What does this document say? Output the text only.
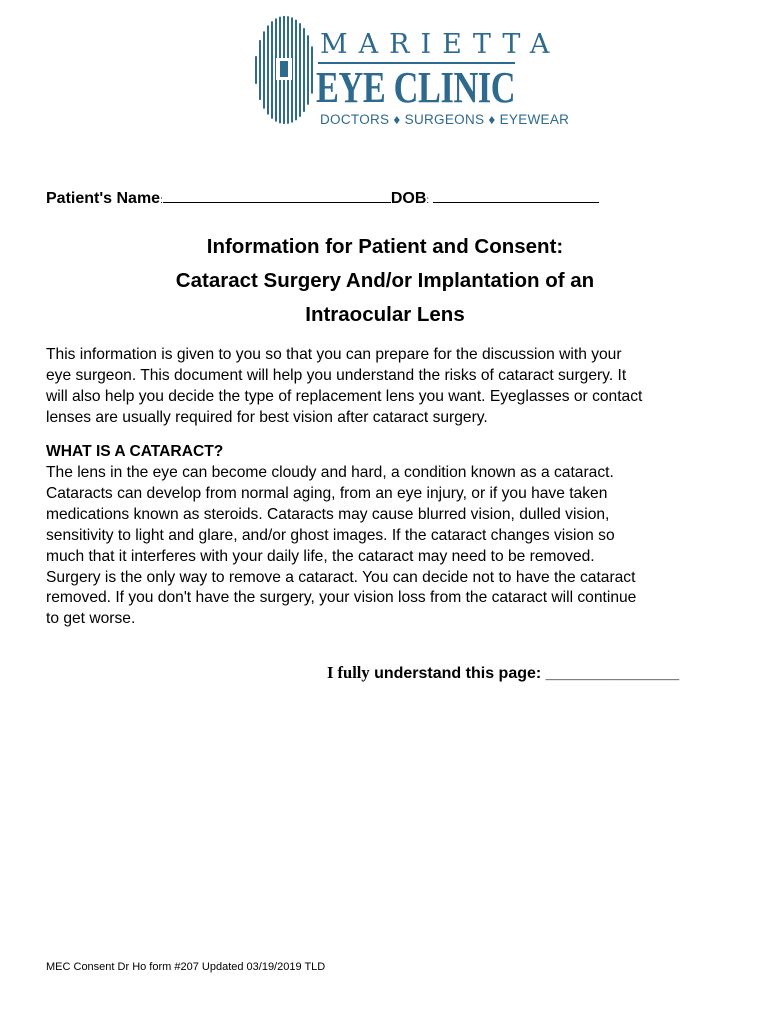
MARIETTA
EYE CLINIC
DOCTORS ♦ SURGEONS ♦ EYEWEAR
Patient's Name:	DOB:
Information for Patient and Consent:
Cataract Surgery And/or Implantation of an
Intraocular Lens
This information is given to you so that you can prepare for the discussion with your
eye surgeon. This document will help you understand the risks of cataract surgery. It
will also help you decide the type of replacement lens you want. Eyeglasses or contact
lenses are usually required for best vision after cataract surgery.
WHAT IS A CATARACT?
The lens in the eye can become cloudy and hard, a condition known as a cataract.
Cataracts can develop from normal aging, from an eye injury, or if you have taken
medications known as steroids. Cataracts may cause blurred vision, dulled vision,
sensitivity to light and glare, and/or ghost images. If the cataract changes vision so
much that it interferes with your daily life, the cataract may need to be removed.
Surgery is the only way to remove a cataract. You can decide not to have the cataract
removed. If you don't have the surgery, your vision loss from the cataract will continue
to get worse.
I fully understand this page: _______________
MEC Consent Dr Ho form #207 Updated 03/19/2019 TLD
